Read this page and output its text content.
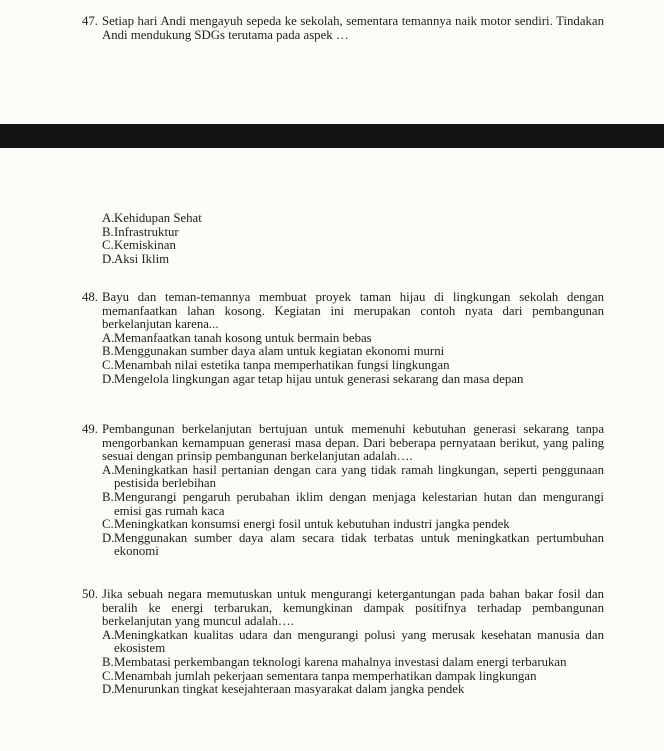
47. Setiap hari Andi mengayuh sepeda ke sekolah, sementara temannya naik motor sendiri. Tindakan Andi mendukung SDGs terutama pada aspek …
A. Kehidupan Sehat
B. Infrastruktur
C. Kemiskinan
D. Aksi Iklim
48. Bayu dan teman-temannya membuat proyek taman hijau di lingkungan sekolah dengan memanfaatkan lahan kosong. Kegiatan ini merupakan contoh nyata dari pembangunan berkelanjutan karena...
A. Memanfaatkan tanah kosong untuk bermain bebas
B. Menggunakan sumber daya alam untuk kegiatan ekonomi murni
C. Menambah nilai estetika tanpa memperhatikan fungsi lingkungan
D. Mengelola lingkungan agar tetap hijau untuk generasi sekarang dan masa depan
49. Pembangunan berkelanjutan bertujuan untuk memenuhi kebutuhan generasi sekarang tanpa mengorbankan kemampuan generasi masa depan. Dari beberapa pernyataan berikut, yang paling sesuai dengan prinsip pembangunan berkelanjutan adalah….
A. Meningkatkan hasil pertanian dengan cara yang tidak ramah lingkungan, seperti penggunaan pestisida berlebihan
B. Mengurangi pengaruh perubahan iklim dengan menjaga kelestarian hutan dan mengurangi emisi gas rumah kaca
C. Meningkatkan konsumsi energi fosil untuk kebutuhan industri jangka pendek
D. Menggunakan sumber daya alam secara tidak terbatas untuk meningkatkan pertumbuhan ekonomi
50. Jika sebuah negara memutuskan untuk mengurangi ketergantungan pada bahan bakar fosil dan beralih ke energi terbarukan, kemungkinan dampak positifnya terhadap pembangunan berkelanjutan yang muncul adalah….
A. Meningkatkan kualitas udara dan mengurangi polusi yang merusak kesehatan manusia dan ekosistem
B. Membatasi perkembangan teknologi karena mahalnya investasi dalam energi terbarukan
C. Menambah jumlah pekerjaan sementara tanpa memperhatikan dampak lingkungan
D. Menurunkan tingkat kesejahteraan masyarakat dalam jangka pendek
